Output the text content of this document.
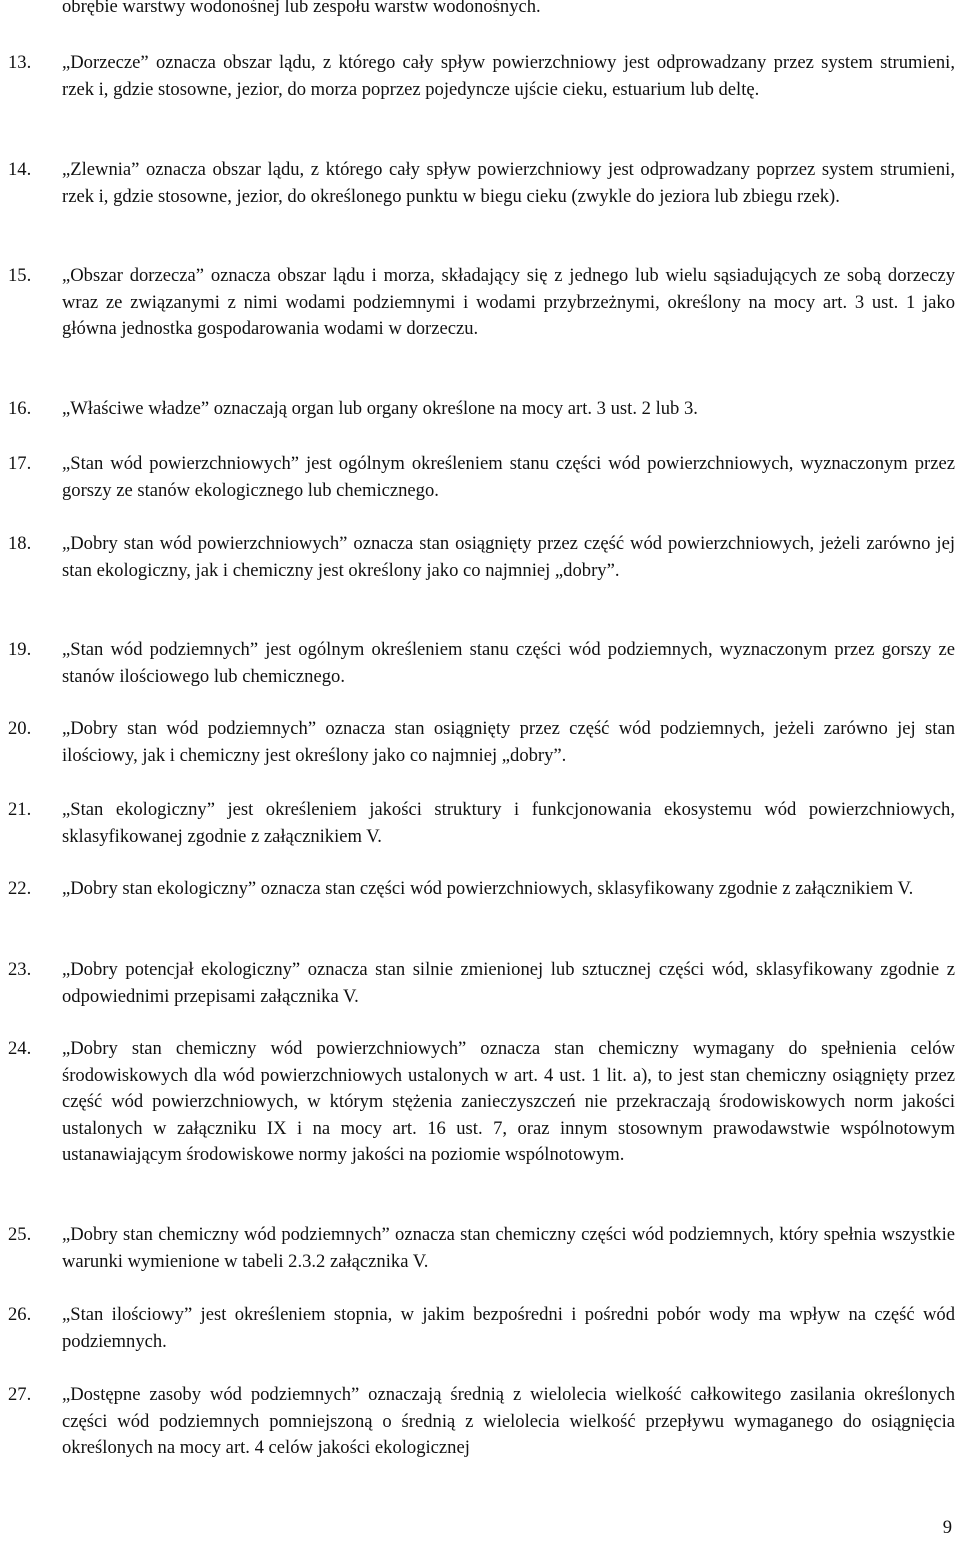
obrębie warstwy wodonośnej lub zespołu warstw wodonośnych.
13. „Dorzecze” oznacza obszar lądu, z którego cały spływ powierzchniowy jest odprowadzany przez system strumieni, rzek i, gdzie stosowne, jezior, do morza poprzez pojedyncze ujście cieku, estuarium lub deltę.
14. „Zlewnia” oznacza obszar lądu, z którego cały spływ powierzchniowy jest odprowadzany poprzez system strumieni, rzek i, gdzie stosowne, jezior, do określonego punktu w biegu cieku (zwykle do jeziora lub zbiegu rzek).
15. „Obszar dorzecza” oznacza obszar lądu i morza, składający się z jednego lub wielu sąsiadujących ze sobą dorzeczy wraz ze związanymi z nimi wodami podziemnymi i wodami przybrzeżnymi, określony na mocy art. 3 ust. 1 jako główna jednostka gospodarowania wodami w dorzeczu.
16. „Właściwe władze” oznaczają organ lub organy określone na mocy art. 3 ust. 2 lub 3.
17. „Stan wód powierzchniowych” jest ogólnym określeniem stanu części wód powierzchniowych, wyznaczonym przez gorszy ze stanów ekologicznego lub chemicznego.
18. „Dobry stan wód powierzchniowych” oznacza stan osiągnięty przez część wód powierzchniowych, jeżeli zarówno jej stan ekologiczny, jak i chemiczny jest określony jako co najmniej „dobry”.
19. „Stan wód podziemnych” jest ogólnym określeniem stanu części wód podziemnych, wyznaczonym przez gorszy ze stanów ilościowego lub chemicznego.
20. „Dobry stan wód podziemnych” oznacza stan osiągnięty przez część wód podziemnych, jeżeli zarówno jej stan ilościowy, jak i chemiczny jest określony jako co najmniej „dobry”.
21. „Stan ekologiczny” jest określeniem jakości struktury i funkcjonowania ekosystemu wód powierzchniowych, sklasyfikowanej zgodnie z załącznikiem V.
22. „Dobry stan ekologiczny” oznacza stan części wód powierzchniowych, sklasyfikowany zgodnie z załącznikiem V.
23. „Dobry potencjał ekologiczny” oznacza stan silnie zmienionej lub sztucznej części wód, sklasyfikowany zgodnie z odpowiednimi przepisami załącznika V.
24. „Dobry stan chemiczny wód powierzchniowych” oznacza stan chemiczny wymagany do spełnienia celów środowiskowych dla wód powierzchniowych ustalonych w art. 4 ust. 1 lit. a), to jest stan chemiczny osiągnięty przez część wód powierzchniowych, w którym stężenia zanieczyszczeń nie przekraczają środowiskowych norm jakości ustalonych w załączniku IX i na mocy art. 16 ust. 7, oraz innym stosownym prawodawstwie wspólnotowym ustanawiającym środowiskowe normy jakości na poziomie wspólnotowym.
25. „Dobry stan chemiczny wód podziemnych” oznacza stan chemiczny części wód podziemnych, który spełnia wszystkie warunki wymienione w tabeli 2.3.2 załącznika V.
26. „Stan ilościowy” jest określeniem stopnia, w jakim bezpośredni i pośredni pobór wody ma wpływ na część wód podziemnych.
27. „Dostępne zasoby wód podziemnych” oznaczają średnią z wielolecia wielkość całkowitego zasilania określonych części wód podziemnych pomniejszoną o średnią z wielolecia wielkość przepływu wymaganego do osiągnięcia określonych na mocy art. 4 celów jakości ekologicznej
9
